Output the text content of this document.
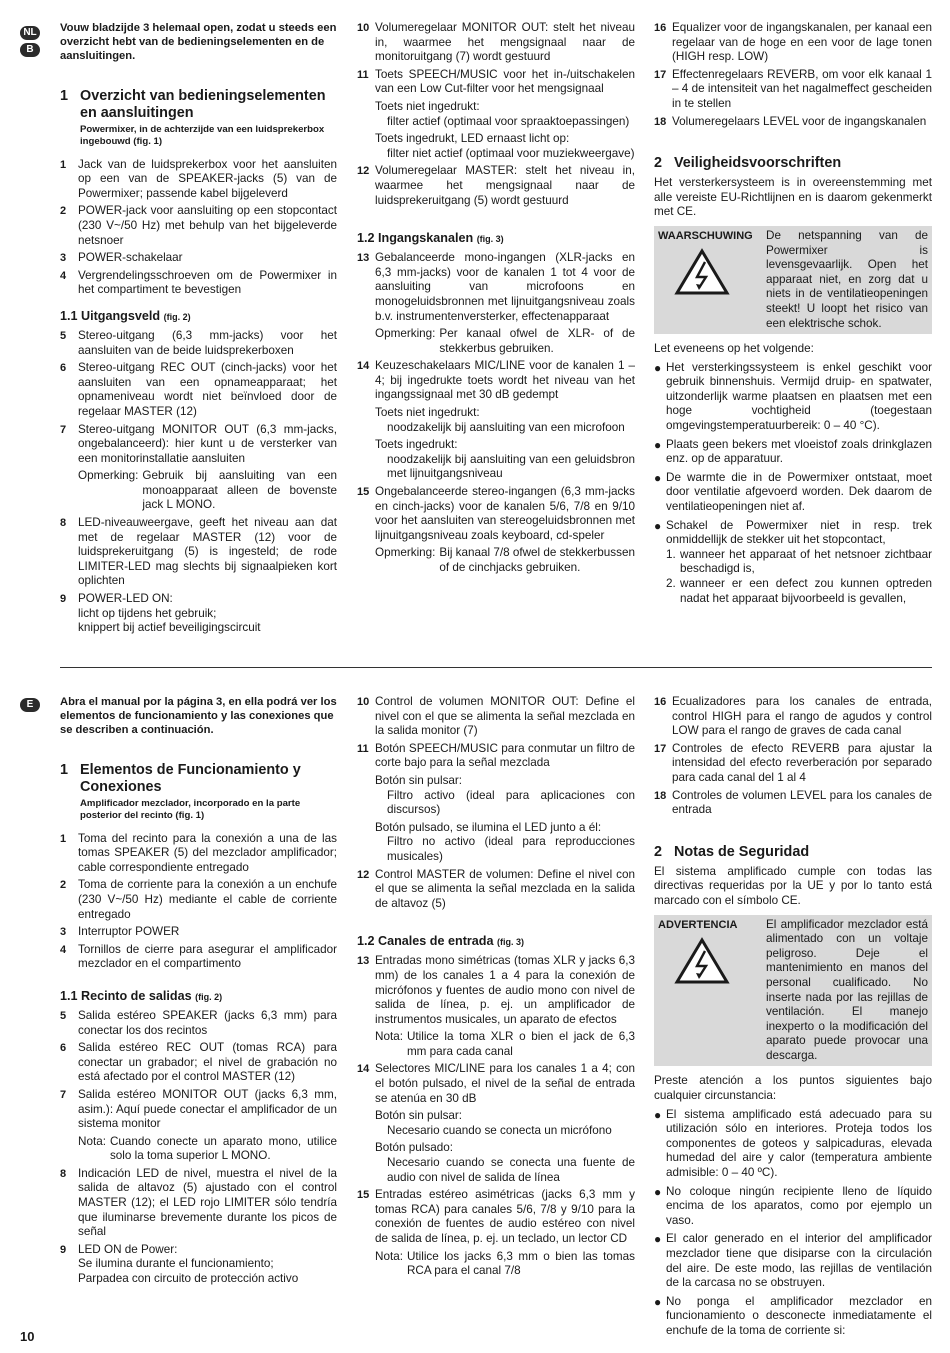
NL
B
Vouw bladzijde 3 helemaal open, zodat u steeds een overzicht hebt van de bedieningselementen en de aansluitingen.
1 Overzicht van bedieningselementen en aansluitingen
Powermixer, in de achterzijde van een luidsprekerbox ingebouwd (fig. 1)
1	Jack van de luidsprekerbox voor het aansluiten op een van de SPEAKER-jacks (5) van de Powermixer; passende kabel bijgeleverd
2	POWER-jack voor aansluiting op een stopcontact (230 V~/50 Hz) met behulp van het bijgeleverde netsnoer
3	POWER-schakelaar
4	Vergrendelingsschroeven om de Powermixer in het compartiment te bevestigen
1.1 Uitgangsveld (fig. 2)
5	Stereo-uitgang (6,3 mm-jacks) voor het aansluiten van de beide luidsprekerboxen
6	Stereo-uitgang REC OUT (cinch-jacks) voor het aansluiten van een opnameapparaat; het opnameniveau wordt niet beïnvloed door de regelaar MASTER (12)
7	Stereo-uitgang MONITOR OUT (6,3 mm-jacks, ongebalanceerd): hier kunt u de versterker van een monitorinstallatie aansluiten
Opmerking: Gebruik bij aansluiting van een monoapparaat alleen de bovenste jack L MONO.
8	LED-niveauweergave, geeft het niveau aan dat met de regelaar MASTER (12) voor de luidsprekeruitgang (5) is ingesteld; de rode LIMITER-LED mag slechts bij signaalpieken kort oplichten
9	POWER-LED ON:
licht op tijdens het gebruik;
knippert bij actief beveiligingscircuit
10 Volumeregelaar MONITOR OUT: stelt het niveau in, waarmee het mengsignaal naar de monitoruitgang (7) wordt gestuurd
11 Toets SPEECH/MUSIC voor het in-/uitschakelen van een Low Cut-filter voor het mengsignaal
Toets niet ingedrukt:
filter actief (optimaal voor spraaktoepassingen)
Toets ingedrukt, LED ernaast licht op:
filter niet actief (optimaal voor muziekweergave)
12 Volumeregelaar MASTER: stelt het niveau in, waarmee het mengsignaal naar de luidsprekeruitgang (5) wordt gestuurd
1.2 Ingangskanalen (fig. 3)
13 Gebalanceerde mono-ingangen (XLR-jacks en 6,3 mm-jacks) voor de kanalen 1 tot 4 voor de aansluiting van microfoons en monogeluidsbronnen met lijnuitgangsniveau zoals b.v. instrumentenversterker, effectenapparaat
Opmerking: Per kanaal ofwel de XLR- of de stekkerbus gebruiken.
14 Keuzeschakelaars MIC/LINE voor de kanalen 1 – 4; bij ingedrukte toets wordt het niveau van het ingangssignaal met 30 dB gedempt
Toets niet ingedrukt:
noodzakelijk bij aansluiting van een microfoon
Toets ingedrukt:
noodzakelijk bij aansluiting van een geluidsbron met lijnuitgangsniveau
15 Ongebalanceerde stereo-ingangen (6,3 mm-jacks en cinch-jacks) voor de kanalen 5/6, 7/8 en 9/10 voor het aansluiten van stereogeluidsbronnen met lijnuitgangsniveau zoals keyboard, cd-speler
Opmerking: Bij kanaal 7/8 ofwel de stekkerbussen of de cinchjacks gebruiken.
16 Equalizer voor de ingangskanalen, per kanaal een regelaar van de hoge en een voor de lage tonen (HIGH resp. LOW)
17 Effectenregelaars REVERB, om voor elk kanaal 1 – 4 de intensiteit van het nagalmeffect gescheiden in te stellen
18 Volumeregelaars LEVEL voor de ingangskanalen
2 Veiligheidsvoorschriften
Het versterkersysteem is in overeenstemming met alle vereiste EU-Richtlijnen en is daarom gekenmerkt met CE.
WAARSCHUWING	De netspanning van de Powermixer is levensgevaarlijk. Open het apparaat niet, en zorg dat u niets in de ventilatieopeningen steekt! U loopt het risico van een elektrische schok.
Let eveneens op het volgende:
● Het versterkingssysteem is enkel geschikt voor gebruik binnenshuis. Vermijd druip- en spatwater, uitzonderlijk warme plaatsen en plaatsen met een hoge vochtigheid (toegestaan omgevingstemperatuurbereik: 0 – 40 °C).
● Plaats geen bekers met vloeistof zoals drinkglazen enz. op de apparatuur.
● De warmte die in de Powermixer ontstaat, moet door ventilatie afgevoerd worden. Dek daarom de ventilatieopeningen niet af.
● Schakel de Powermixer niet in resp. trek onmiddellijk de stekker uit het stopcontact,
1. wanneer het apparaat of het netsnoer zichtbaar beschadigd is,
2. wanneer er een defect zou kunnen optreden nadat het apparaat bijvoorbeeld is gevallen,
E	Abra el manual por la página 3, en ella podrá ver los elementos de funcionamiento y las conexiones que se describen a continuación.
1 Elementos de Funcionamiento y Conexiones
Amplificador mezclador, incorporado en la parte posterior del recinto (fig. 1)
1	Toma del recinto para la conexión a una de las tomas SPEAKER (5) del mezclador amplificador; cable correspondiente entregado
2	Toma de corriente para la conexión a un enchufe (230 V~/50 Hz) mediante el cable de corriente entregado
3	Interruptor POWER
4	Tornillos de cierre para asegurar el amplificador mezclador en el compartimento
1.1 Recinto de salidas (fig. 2)
5	Salida estéreo SPEAKER (jacks 6,3 mm) para conectar los dos recintos
6	Salida estéreo REC OUT (tomas RCA) para conectar un grabador; el nivel de grabación no está afectado por el control MASTER (12)
7	Salida estéreo MONITOR OUT (jacks 6,3 mm, asim.): Aquí puede conectar el amplificador de un sistema monitor
Nota: Cuando conecte un aparato mono, utilice solo la toma superior L MONO.
8	Indicación LED de nivel, muestra el nivel de la salida de altavoz (5) ajustado con el control MASTER (12); el LED rojo LIMITER sólo tendría que iluminarse brevemente durante los picos de señal
9	LED ON de Power:
Se ilumina durante el funcionamiento;
Parpadea con circuito de protección activo
10 Control de volumen MONITOR OUT: Define el nivel con el que se alimenta la señal mezclada en la salida monitor (7)
11 Botón SPEECH/MUSIC para conmutar un filtro de corte bajo para la señal mezclada
Botón sin pulsar:
Filtro activo (ideal para aplicaciones con discursos)
Botón pulsado, se ilumina el LED junto a él:
Filtro no activo (ideal para reproducciones musicales)
12 Control MASTER de volumen: Define el nivel con el que se alimenta la señal mezclada en la salida de altavoz (5)
1.2 Canales de entrada (fig. 3)
13 Entradas mono simétricas (tomas XLR y jacks 6,3 mm) de los canales 1 a 4 para la conexión de micrófonos y fuentes de audio mono con nivel de salida de línea, p. ej. un amplificador de instrumentos musicales, un aparato de efectos
Nota: Utilice la toma XLR o bien el jack de 6,3 mm para cada canal
14 Selectores MIC/LINE para los canales 1 a 4; con el botón pulsado, el nivel de la señal de entrada se atenúa en 30 dB
Botón sin pulsar:
Necesario cuando se conecta un micrófono
Botón pulsado:
Necesario cuando se conecta una fuente de audio con nivel de salida de línea
15 Entradas estéreo asimétricas (jacks 6,3 mm y tomas RCA) para canales 5/6, 7/8 y 9/10 para la conexión de fuentes de audio estéreo con nivel de salida de línea, p. ej. un teclado, un lector CD
Nota: Utilice los jacks 6,3 mm o bien las tomas RCA para el canal 7/8
16 Ecualizadores para los canales de entrada, control HIGH para el rango de agudos y control LOW para el rango de graves de cada canal
17 Controles de efecto REVERB para ajustar la intensidad del efecto reverberación por separado para cada canal del 1 al 4
18 Controles de volumen LEVEL para los canales de entrada
2 Notas de Seguridad
El sistema amplificado cumple con todas las directivas requeridas por la UE y por lo tanto está marcado con el símbolo CE.
ADVERTENCIA	El amplificador mezclador está alimentado con un voltaje peligroso. Deje el mantenimiento en manos del personal cualificado. No inserte nada por las rejillas de ventilación. El manejo inexperto o la modificación del aparato puede provocar una descarga.
Preste atención a los puntos siguientes bajo cualquier circunstancia:
● El sistema amplificado está adecuado para su utilización sólo en interiores. Proteja todos los componentes de goteos y salpicaduras, elevada humedad del aire y calor (temperatura ambiente admisible: 0 – 40 ºC).
● No coloque ningún recipiente lleno de líquido encima de los aparatos, como por ejemplo un vaso.
● El calor generado en el interior del amplificador mezclador tiene que disiparse con la circulación del aire. De este modo, las rejillas de ventilación de la carcasa no se obstruyen.
● No ponga el amplificador mezclador en funcionamiento o desconecte inmediatamente el enchufe de la toma de corriente si:
10
